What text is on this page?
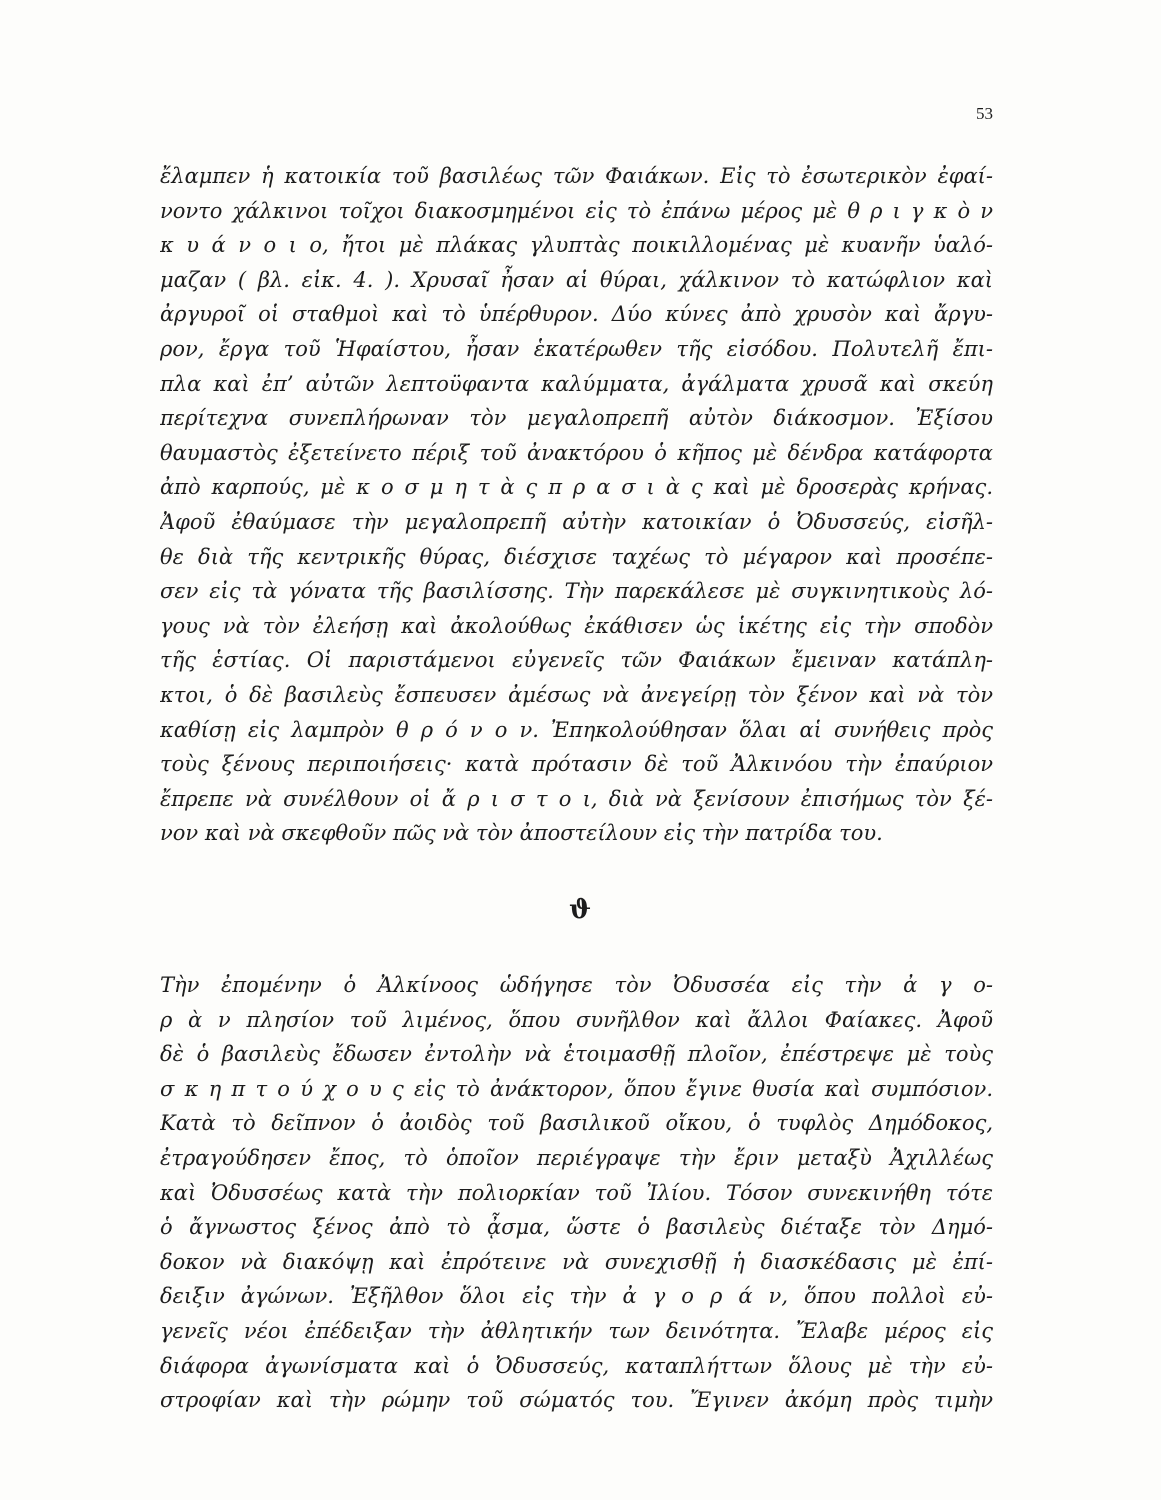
53
ἔλαμπεν ἡ κατοικία τοῦ βασιλέως τῶν Φαιάκων. Εἰς τὸ ἐσωτερικὸν ἐφαί-
νοντο χάλκινοι τοῖχοι διακοσμημένοι εἰς τὸ ἐπάνω μέρος μὲ θ ρ ι γ κ ὸ ν
κ υ ά ν ο ι ο, ἤτοι μὲ πλάκας γλυπτὰς ποικιλλομένας μὲ κυανῆν ὑαλό-
μαζαν ( βλ. εἰκ. 4. ). Χρυσαῖ ἦσαν αἱ θύραι, χάλκινον τὸ κατώφλιον καὶ
ἀργυροῖ οἱ σταθμοὶ καὶ τὸ ὑπέρθυρον. Δύο κύνες ἀπὸ χρυσὸν καὶ ἄργυ-
ρον, ἔργα τοῦ Ἡφαίστου, ἦσαν ἑκατέρωθεν τῆς εἰσόδου. Πολυτελῆ ἔπι-
πλα καὶ ἐπ’ αὐτῶν λεπτοϋφαντα καλύμματα, ἀγάλματα χρυσᾶ καὶ σκεύη
περίτεχνα συνεπλήρωναν τὸν μεγαλοπρεπῆ αὐτὸν διάκοσμον. Ἐξίσου
θαυμαστὸς ἐξετείνετο πέριξ τοῦ ἀνακτόρου ὁ κῆπος μὲ δένδρα κατάφορτα
ἀπὸ καρπούς, μὲ κ ο σ μ η τ ὰ ς π ρ α σ ι ὰ ς καὶ μὲ δροσερὰς κρήνας.
Ἀφοῦ ἐθαύμασε τὴν μεγαλοπρεπῆ αὐτὴν κατοικίαν ὁ Ὀδυσσεύς, εἰσῆλ-
θε διὰ τῆς κεντρικῆς θύρας, διέσχισε ταχέως τὸ μέγαρον καὶ προσέπε-
σεν εἰς τὰ γόνατα τῆς βασιλίσσης. Τὴν παρεκάλεσε μὲ συγκινητικοὺς λό-
γους νὰ τὸν ἐλεήσῃ καὶ ἀκολούθως ἐκάθισεν ὡς ἱκέτης εἰς τὴν σποδὸν
τῆς ἑστίας. Οἱ παριστάμενοι εὐγενεῖς τῶν Φαιάκων ἔμειναν κατάπλη-
κτοι, ὁ δὲ βασιλεὺς ἔσπευσεν ἀμέσως νὰ ἀνεγείρῃ τὸν ξένον καὶ νὰ τὸν
καθίσῃ εἰς λαμπρὸν θ ρ ό ν ο ν. Ἐπηκολούθησαν ὅλαι αἱ συνήθεις πρὸς
τοὺς ξένους περιποιήσεις· κατὰ πρότασιν δὲ τοῦ Ἀλκινόου τὴν ἐπαύριον
ἔπρεπε νὰ συνέλθουν οἱ ἄ ρ ι σ τ ο ι, διὰ νὰ ξενίσουν ἐπισήμως τὸν ξέ-
νον καὶ νὰ σκεφθοῦν πῶς νὰ τὸν ἀποστείλουν εἰς τὴν πατρίδα του.
ϑ
Τὴν ἐπομένην ὁ Ἀλκίνοος ὡδήγησε τὸν Ὀδυσσέα εἰς τὴν ἀ γ ο-
ρ ὰ ν πλησίον τοῦ λιμένος, ὅπου συνῆλθον καὶ ἄλλοι Φαίακες. Ἀφοῦ
δὲ ὁ βασιλεὺς ἔδωσεν ἐντολὴν νὰ ἑτοιμασθῇ πλοῖον, ἐπέστρεψε μὲ τοὺς
σ κ η π τ ο ύ χ ο υ ς εἰς τὸ ἀνάκτορον, ὅπου ἔγινε θυσία καὶ συμπόσιον.
Κατὰ τὸ δεῖπνον ὁ ἀοιδὸς τοῦ βασιλικοῦ οἴκου, ὁ τυφλὸς Δημόδοκος,
ἐτραγούδησεν ἔπος, τὸ ὁποῖον περιέγραψε τὴν ἔριν μεταξὺ Ἀχιλλέως
καὶ Ὀδυσσέως κατὰ τὴν πολιορκίαν τοῦ Ἰλίου. Τόσον συνεκινήθη τότε
ὁ ἄγνωστος ξένος ἀπὸ τὸ ᾆσμα, ὥστε ὁ βασιλεὺς διέταξε τὸν Δημό-
δοκον νὰ διακόψῃ καὶ ἐπρότεινε νὰ συνεχισθῇ ἡ διασκέδασις μὲ ἐπί-
δειξιν ἀγώνων. Ἐξῆλθον ὅλοι εἰς τὴν ἀ γ ο ρ ά ν, ὅπου πολλοὶ εὐ-
γενεῖς νέοι ἐπέδειξαν τὴν ἀθλητικήν των δεινότητα. Ἔλαβε μέρος εἰς
διάφορα ἀγωνίσματα καὶ ὁ Ὀδυσσεύς, καταπλήττων ὅλους μὲ τὴν εὐ-
στροφίαν καὶ τὴν ρώμην τοῦ σώματός του. Ἔγινεν ἀκόμη πρὸς τιμὴν
